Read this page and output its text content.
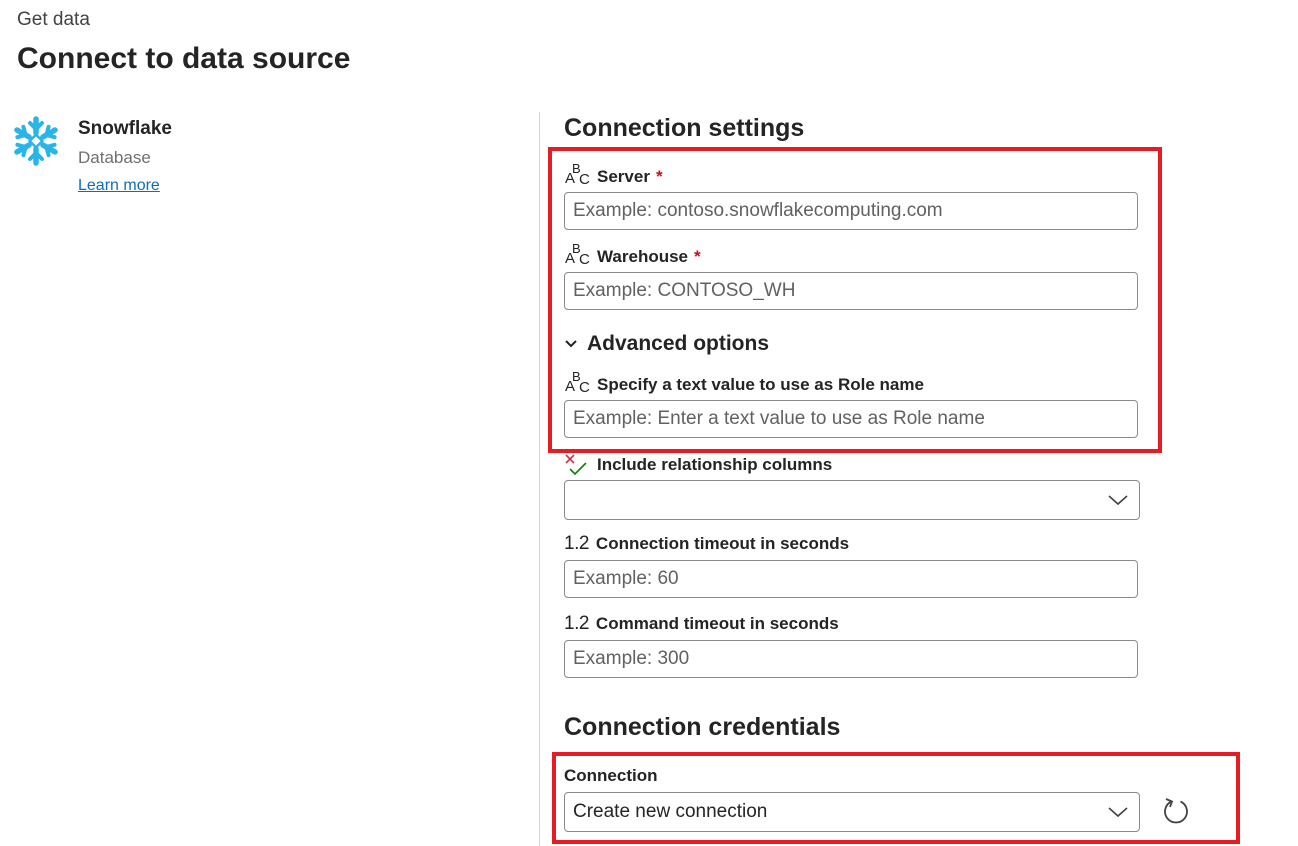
Get data
Connect to data source
Snowflake
Database
Learn more
Connection settings
A
B
C Server *
Example: contoso.snowflakecomputing.com
A
B
C Warehouse *
Example: CONTOSO_WH
Advanced options
A
B
C Specify a text value to use as Role name
Example: Enter a text value to use as Role name
Include relationship columns
1.2 Connection timeout in seconds
Example: 60
1.2 Command timeout in seconds
Example: 300
Connection credentials
Connection
Create new connection
